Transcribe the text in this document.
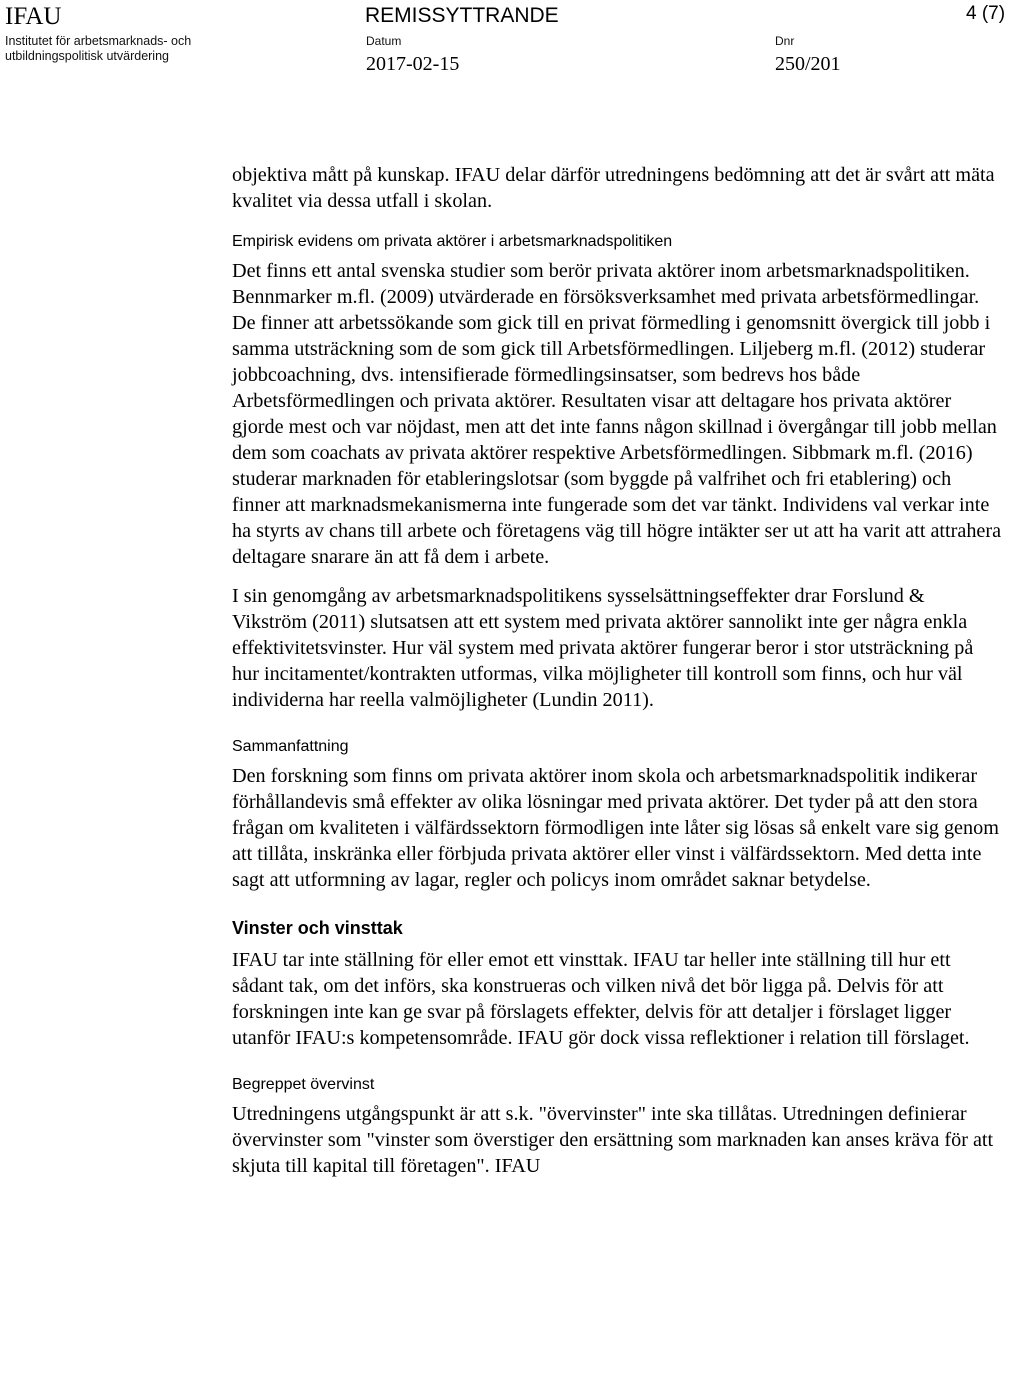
IFAU
Institutet för arbetsmarknads- och
utbildningspolitisk utvärdering
REMISSYTTRANDE	4 (7)
Datum
2017-02-15
Dnr
250/201

objektiva mått på kunskap. IFAU delar därför utredningens bedömning att det är svårt att mäta kvalitet via dessa utfall i skolan.

Empirisk evidens om privata aktörer i arbetsmarknadspolitiken

Det finns ett antal svenska studier som berör privata aktörer inom arbetsmarknadspolitiken. Bennmarker m.fl. (2009) utvärderade en försöksverksamhet med privata arbetsförmedlingar. De finner att arbetssökande som gick till en privat förmedling i genomsnitt övergick till jobb i samma utsträckning som de som gick till Arbetsförmedlingen. Liljeberg m.fl. (2012) studerar jobbcoachning, dvs. intensifierade förmedlingsinsatser, som bedrevs hos både Arbetsförmedlingen och privata aktörer. Resultaten visar att deltagare hos privata aktörer gjorde mest och var nöjdast, men att det inte fanns någon skillnad i övergångar till jobb mellan dem som coachats av privata aktörer respektive Arbetsförmedlingen. Sibbmark m.fl. (2016) studerar marknaden för etableringslotsar (som byggde på valfrihet och fri etablering) och finner att marknadsmekanismerna inte fungerade som det var tänkt. Individens val verkar inte ha styrts av chans till arbete och företagens väg till högre intäkter ser ut att ha varit att attrahera deltagare snarare än att få dem i arbete.

I sin genomgång av arbetsmarknadspolitikens sysselsättningseffekter drar Forslund & Vikström (2011) slutsatsen att ett system med privata aktörer sannolikt inte ger några enkla effektivitetsvinster. Hur väl system med privata aktörer fungerar beror i stor utsträckning på hur incitamentet/kontrakten utformas, vilka möjligheter till kontroll som finns, och hur väl individerna har reella valmöjligheter (Lundin 2011).

Sammanfattning

Den forskning som finns om privata aktörer inom skola och arbetsmarknadspolitik indikerar förhållandevis små effekter av olika lösningar med privata aktörer. Det tyder på att den stora frågan om kvaliteten i välfärdssektorn förmodligen inte låter sig lösas så enkelt vare sig genom att tillåta, inskränka eller förbjuda privata aktörer eller vinst i välfärdssektorn. Med detta inte sagt att utformning av lagar, regler och policys inom området saknar betydelse.

Vinster och vinsttak

IFAU tar inte ställning för eller emot ett vinsttak. IFAU tar heller inte ställning till hur ett sådant tak, om det införs, ska konstrueras och vilken nivå det bör ligga på. Delvis för att forskningen inte kan ge svar på förslagets effekter, delvis för att detaljer i förslaget ligger utanför IFAU:s kompetensområde. IFAU gör dock vissa reflektioner i relation till förslaget.

Begreppet övervinst

Utredningens utgångspunkt är att s.k. "övervinster" inte ska tillåtas. Utredningen definierar övervinster som "vinster som överstiger den ersättning som marknaden kan anses kräva för att skjuta till kapital till företagen". IFAU
